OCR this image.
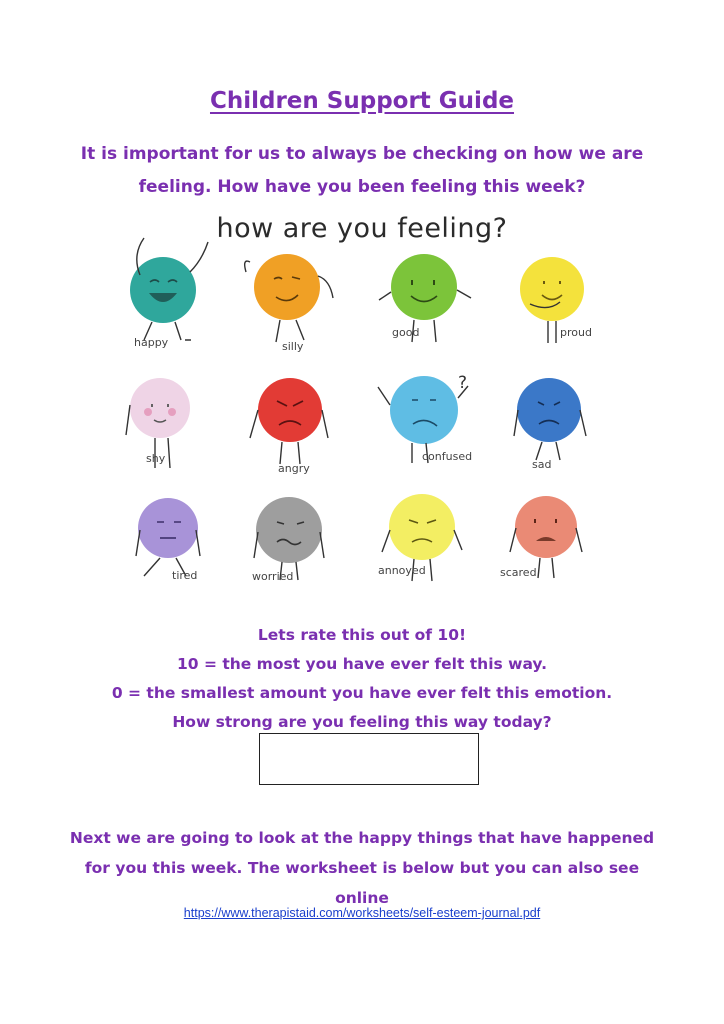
Children Support Guide
It is important for us to always be checking on how we are feeling. How have you been feeling this week?
how are you feeling?
?
happy	silly
good	proud
shy
angry
confused
sad
tired	worried	annoyed	scared
Lets rate this out of 10!
10 = the most you have ever felt this way.
0 = the smallest amount you have ever felt this emotion.
How strong are you feeling this way today?
Next we are going to look at the happy things that have happened for you this week. The worksheet is below but you can also see online
https://www.therapistaid.com/worksheets/self-esteem-journal.pdf
